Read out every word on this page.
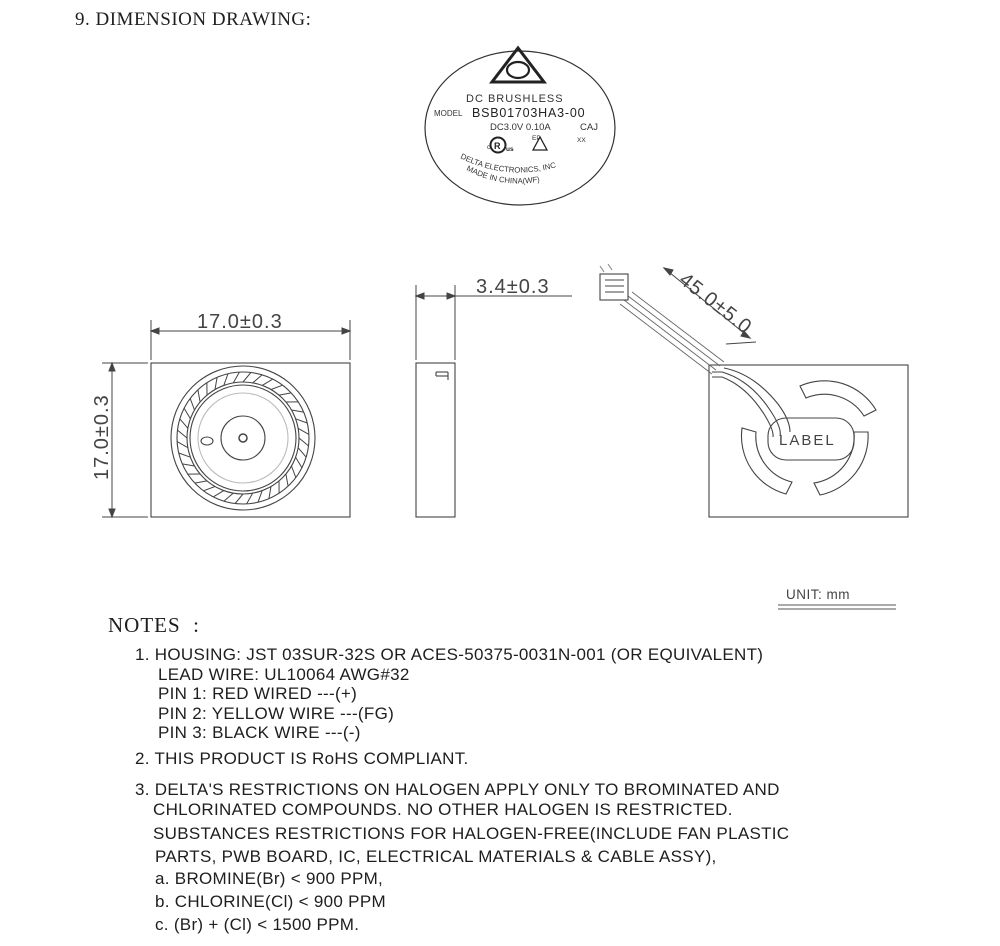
DC BRUSHLESS
MODEL BSB01703HA3-00
DC3.0V 0.10A	CAJ
EP	XX
R
c us
DELTA ELECTRONICS, INC
MADE IN CHINA(WF)
17.0±0.3
17.0±0.3
3.4±0.3
LABEL
45.0±5.0
UNIT: mm
9. DIMENSION DRAWING:
NOTES  :
1. HOUSING: JST 03SUR-32S OR ACES-50375-0031N-001 (OR EQUIVALENT)
LEAD WIRE: UL10064 AWG#32
PIN 1: RED WIRED ---(+)
PIN 2: YELLOW WIRE ---(FG)
PIN 3: BLACK WIRE ---(-)
2. THIS PRODUCT IS RoHS COMPLIANT.
3. DELTA'S RESTRICTIONS ON HALOGEN APPLY ONLY TO BROMINATED AND
CHLORINATED COMPOUNDS. NO OTHER HALOGEN IS RESTRICTED.
SUBSTANCES RESTRICTIONS FOR HALOGEN-FREE(INCLUDE FAN PLASTIC
PARTS, PWB BOARD, IC, ELECTRICAL MATERIALS & CABLE ASSY),
a. BROMINE(Br) < 900 PPM,
b. CHLORINE(Cl) < 900 PPM
c. (Br) + (Cl) < 1500 PPM.
